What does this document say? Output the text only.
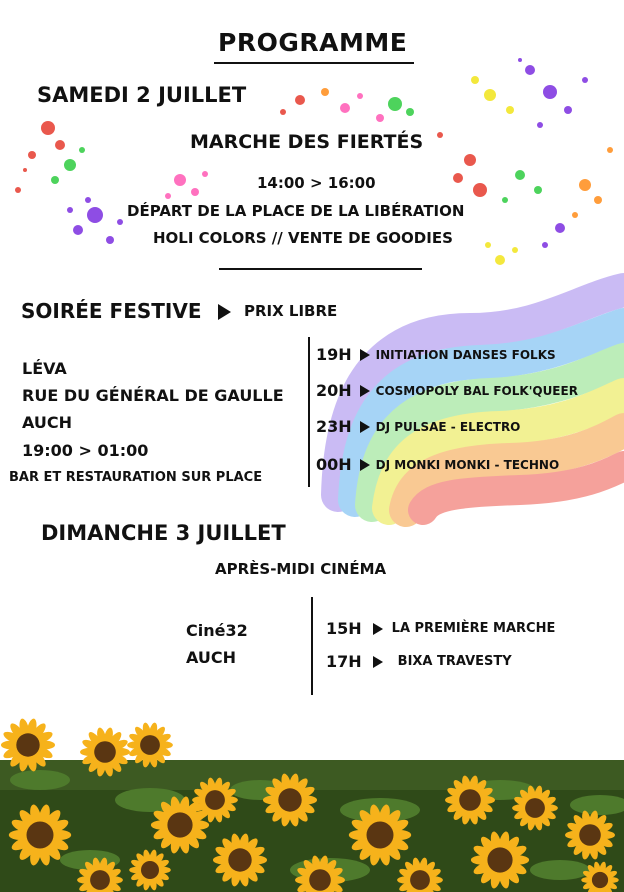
PROGRAMME
SAMEDI 2 JUILLET
MARCHE DES FIERTÉS
14:00 > 16:00
DÉPART DE LA PLACE DE LA LIBÉRATION
HOLI COLORS // VENTE DE GOODIES
SOIRÉE FESTIVE	PRIX LIBRE
LÉVA
RUE DU GÉNÉRAL DE GAULLE
AUCH
19:00 > 01:00
BAR ET RESTAURATION SUR PLACE
19H INITIATION DANSES FOLKS
20H COSMOPOLY BAL FOLK'QUEER
23H DJ PULSAE - ELECTRO
00H DJ MONKI MONKI - TECHNO
DIMANCHE 3 JUILLET
APRÈS-MIDI CINÉMA
Ciné32
AUCH
15H LA PREMIÈRE MARCHE
17H	BIXA TRAVESTY
